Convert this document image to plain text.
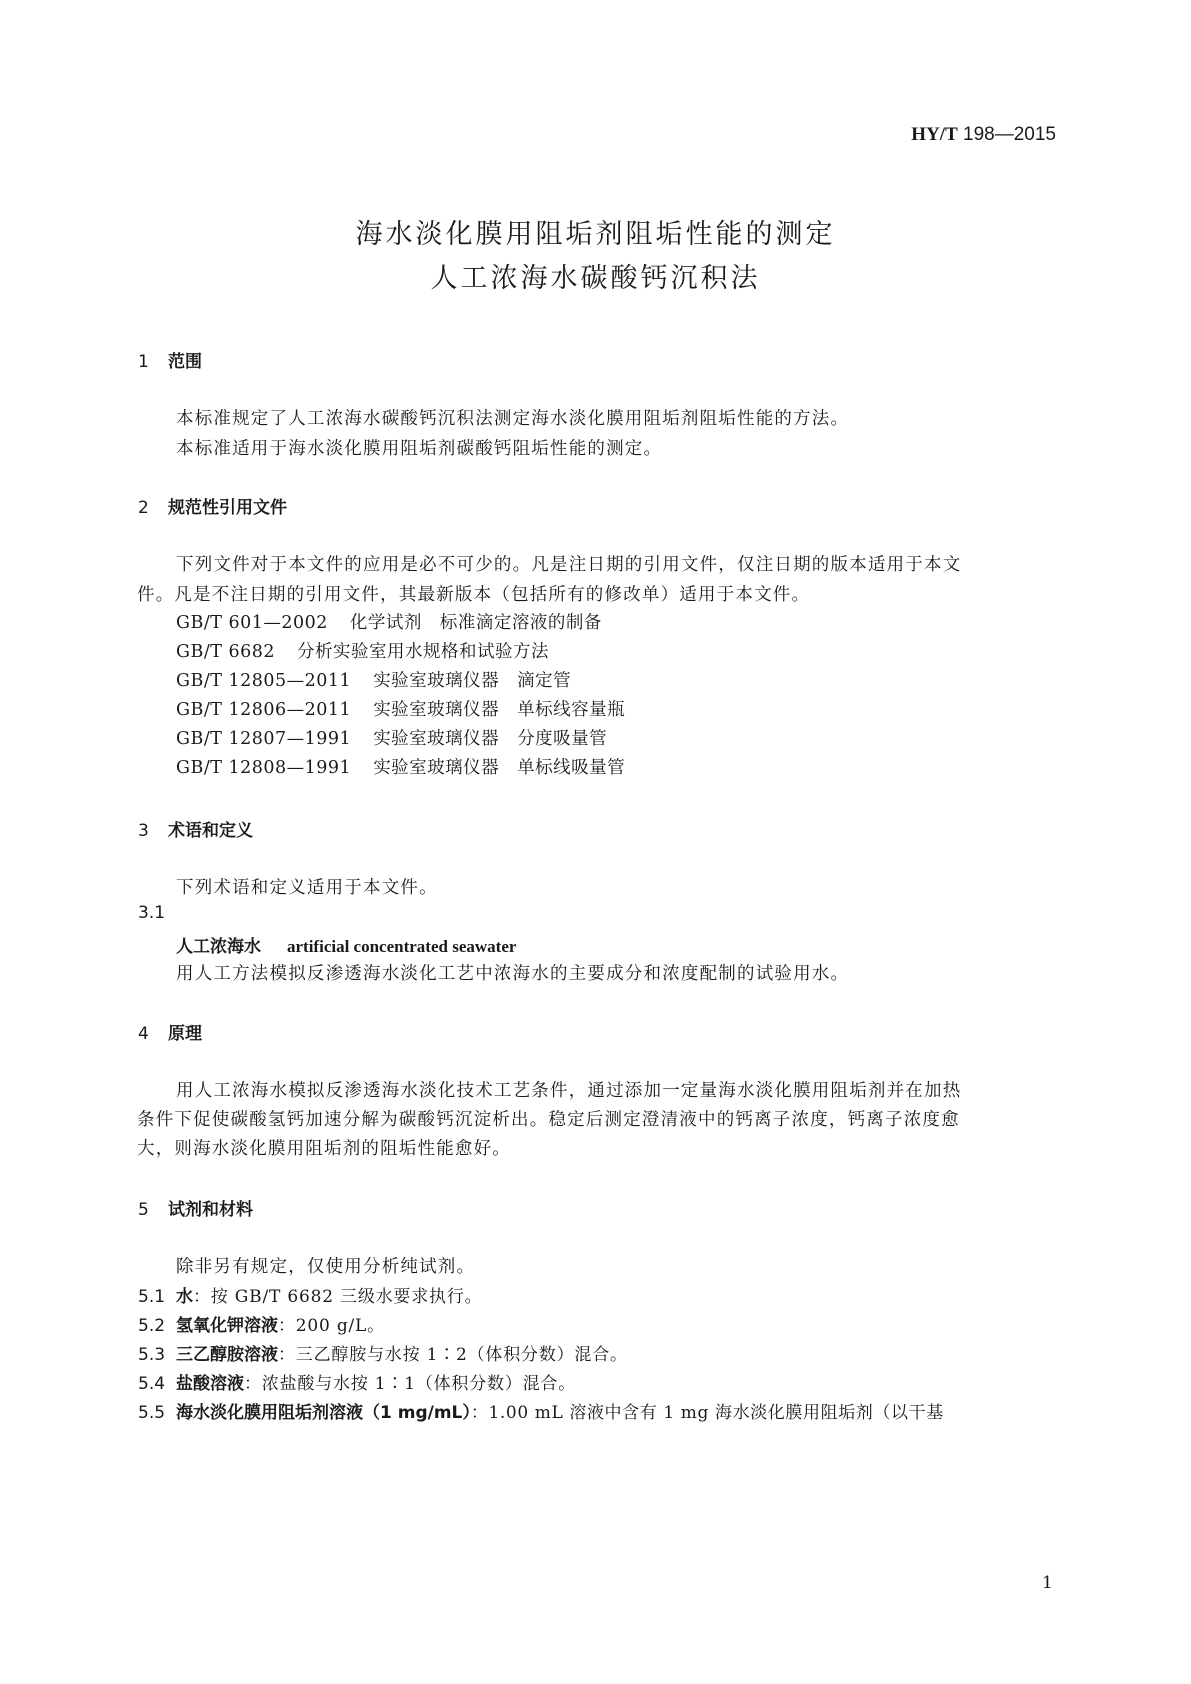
HY/T 198—2015
海水淡化膜用阻垢剂阻垢性能的测定
人工浓海水碳酸钙沉积法
1 范围
本标准规定了人工浓海水碳酸钙沉积法测定海水淡化膜用阻垢剂阻垢性能的方法。
本标准适用于海水淡化膜用阻垢剂碳酸钙阻垢性能的测定。
2 规范性引用文件
下列文件对于本文件的应用是必不可少的。凡是注日期的引用文件，仅注日期的版本适用于本文
件。凡是不注日期的引用文件，其最新版本（包括所有的修改单）适用于本文件。
GB/T 601—2002 化学试剂　标准滴定溶液的制备
GB/T 6682 分析实验室用水规格和试验方法
GB/T 12805—2011 实验室玻璃仪器　滴定管
GB/T 12806—2011 实验室玻璃仪器　单标线容量瓶
GB/T 12807—1991 实验室玻璃仪器　分度吸量管
GB/T 12808—1991 实验室玻璃仪器　单标线吸量管
3 术语和定义
下列术语和定义适用于本文件。
3.1
人工浓海水 artificial concentrated seawater
用人工方法模拟反渗透海水淡化工艺中浓海水的主要成分和浓度配制的试验用水。
4 原理
用人工浓海水模拟反渗透海水淡化技术工艺条件，通过添加一定量海水淡化膜用阻垢剂并在加热
条件下促使碳酸氢钙加速分解为碳酸钙沉淀析出。稳定后测定澄清液中的钙离子浓度，钙离子浓度愈
大，则海水淡化膜用阻垢剂的阻垢性能愈好。
5 试剂和材料
除非另有规定，仅使用分析纯试剂。
5.1 水：按 GB/T 6682 三级水要求执行。
5.2 氢氧化钾溶液：200 g/L。
5.3 三乙醇胺溶液：三乙醇胺与水按 1∶2（体积分数）混合。
5.4 盐酸溶液：浓盐酸与水按 1∶1（体积分数）混合。
5.5 海水淡化膜用阻垢剂溶液（1 mg/mL）：1.00 mL 溶液中含有 1 mg 海水淡化膜用阻垢剂（以干基
1
